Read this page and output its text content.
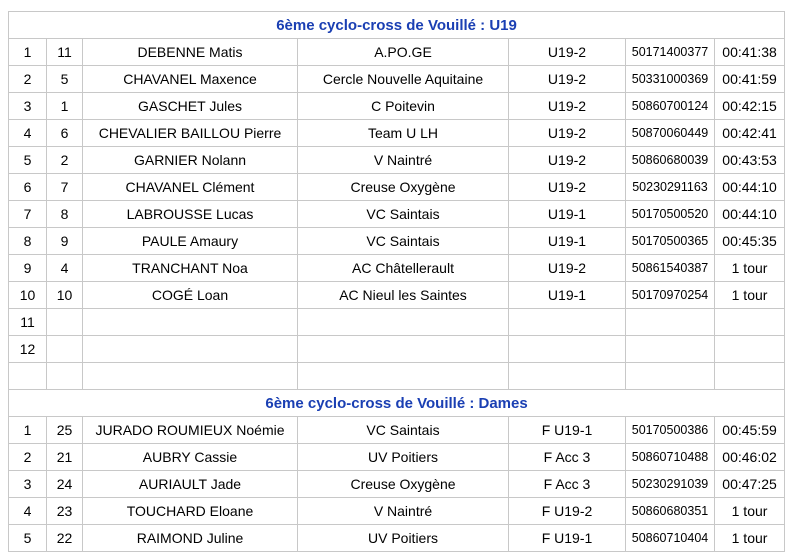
6ème cyclo-cross de Vouillé : U19						
1	11	DEBENNE Matis	A.PO.GE	U19-2	50171400377	00:41:38
2	5	CHAVANEL Maxence	Cercle Nouvelle Aquitaine	U19-2	50331000369	00:41:59
3	1	GASCHET Jules	C Poitevin	U19-2	50860700124	00:42:15
4	6	CHEVALIER BAILLOU Pierre	Team U LH	U19-2	50870060449	00:42:41
5	2	GARNIER Nolann	V Naintré	U19-2	50860680039	00:43:53
6	7	CHAVANEL Clément	Creuse Oxygène	U19-2	50230291163	00:44:10
7	8	LABROUSSE Lucas	VC Saintais	U19-1	50170500520	00:44:10
8	9	PAULE Amaury	VC Saintais	U19-1	50170500365	00:45:35
9	4	TRANCHANT Noa	AC Châtellerault	U19-2	50861540387	1 tour
10	10	COGÉ Loan	AC Nieul les Saintes	U19-1	50170970254	1 tour
11						
12						

6ème cyclo-cross de Vouillé : Dames						
1	25	JURADO ROUMIEUX Noémie	VC Saintais	F U19-1	50170500386	00:45:59
2	21	AUBRY Cassie	UV Poitiers	F Acc 3	50860710488	00:46:02
3	24	AURIAULT Jade	Creuse Oxygène	F Acc 3	50230291039	00:47:25
4	23	TOUCHARD Eloane	V Naintré	F U19-2	50860680351	1 tour
5	22	RAIMOND Juline	UV Poitiers	F U19-1	50860710404	1 tour
